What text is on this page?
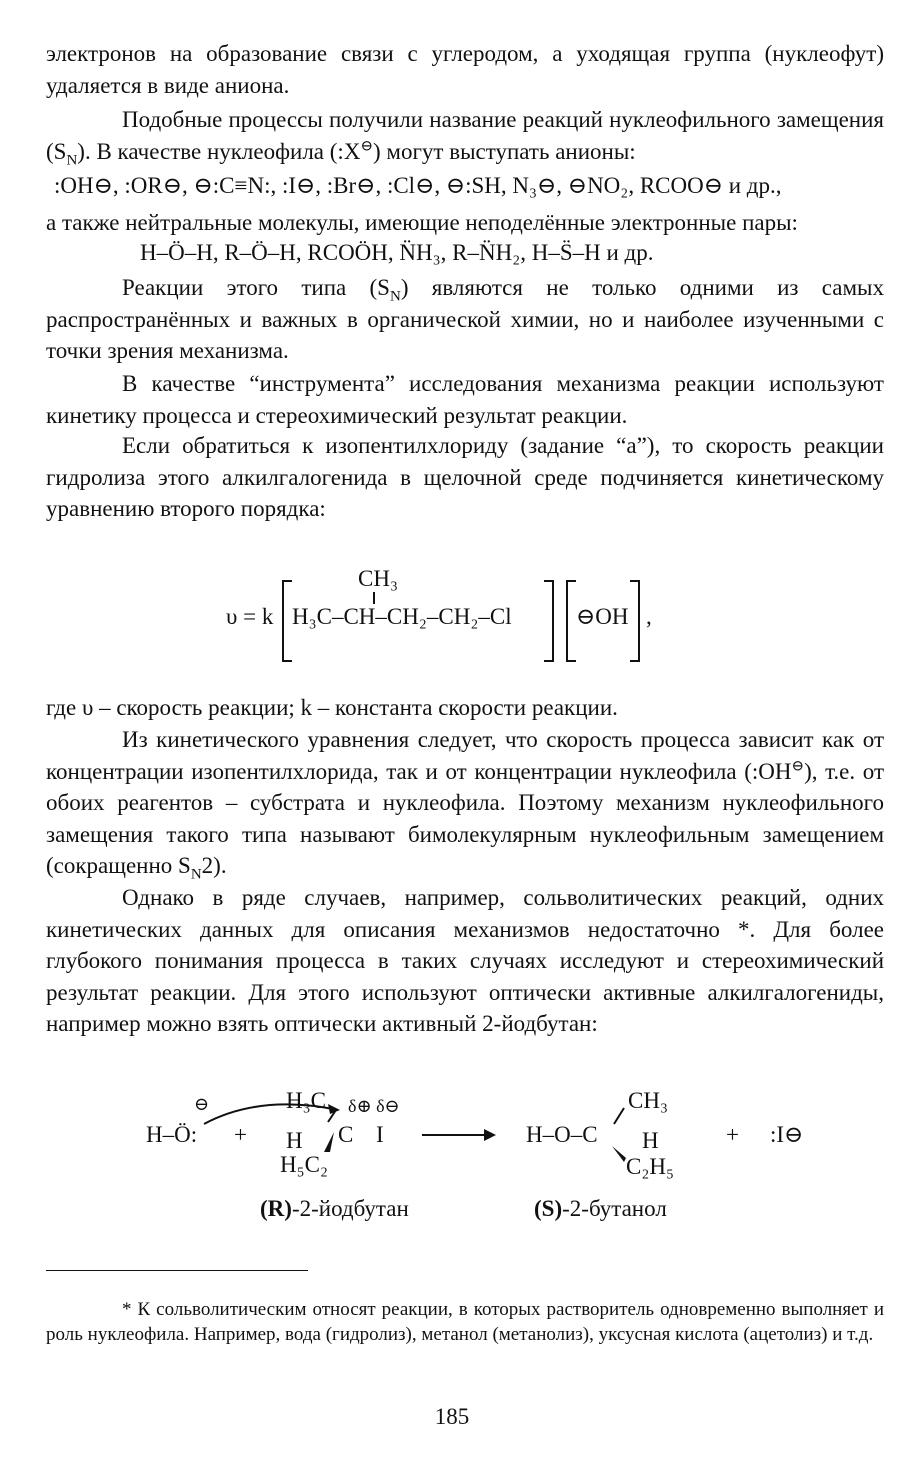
электронов на образование связи с углеродом, а уходящая группа (нуклеофут) удаляется в виде аниона.

Подобные процессы получили название реакций нуклеофильного замещения $(S_N)$. В качестве нуклеофила (:X⊖) могут выступать анионы:

:OH⊖, :OR⊖, ⊖:C≡N:, :I⊖, :Br⊖, :Cl⊖, ⊖:SH, N₃⊖, ⊖NO₂, RCOO⊖ и др.,

а также нейтральные молекулы, имеющие неподелённые электронные пары:

H–Ö–H, R–Ö–H, RCOÖH, N̈H₃, R–N̈H₂, H–S̈–H и др.

Реакции этого типа $(S_N)$ являются не только одними из самых распространённых и важных в органической химии, но и наиболее изученными с точки зрения механизма.

В качестве “инструмента” исследования механизма реакции используют кинетику процесса и стереохимический результат реакции.

Если обратиться к изопентилхлориду (задание “а”), то скорость реакции гидролиза этого алкилгалогенида в щелочной среде подчиняется кинетическому уравнению второго порядка:

υ = k
CH₃
H₃C–CH–CH₂–CH₂–Cl	⊖OH ,

где υ – скорость реакции; k – константа скорости реакции.

Из кинетического уравнения следует, что скорость процесса зависит как от концентрации изопентилхлорида, так и от концентрации нуклеофила (:OH⊖), т.е. от обоих реагентов – субстрата и нуклеофила. Поэтому механизм нуклеофильного замещения такого типа называют бимолекулярным нуклеофильным замещением (сокращенно $S_N2$).

Однако в ряде случаев, например, сольволитических реакций, одних кинетических данных для описания механизмов недостаточно *. Для более глубокого понимания процесса в таких случаях исследуют и стереохимический результат реакции. Для этого используют оптически активные алкилгалогениды, например можно взять оптически активный 2-йодбутан:

⊖
H–Ö: +
H₃C
H C I
δ⊕ δ⊖
H₅C₂
CH₃
H–O–C H
C₂H₅
+ :I⊖
(R)-2-йодбутан	(S)-2-бутанол

* К сольволитическим относят реакции, в которых растворитель одновременно выполняет и роль нуклеофила. Например, вода (гидролиз), метанол (метанолиз), уксусная кислота (ацетолиз) и т.д.

185
